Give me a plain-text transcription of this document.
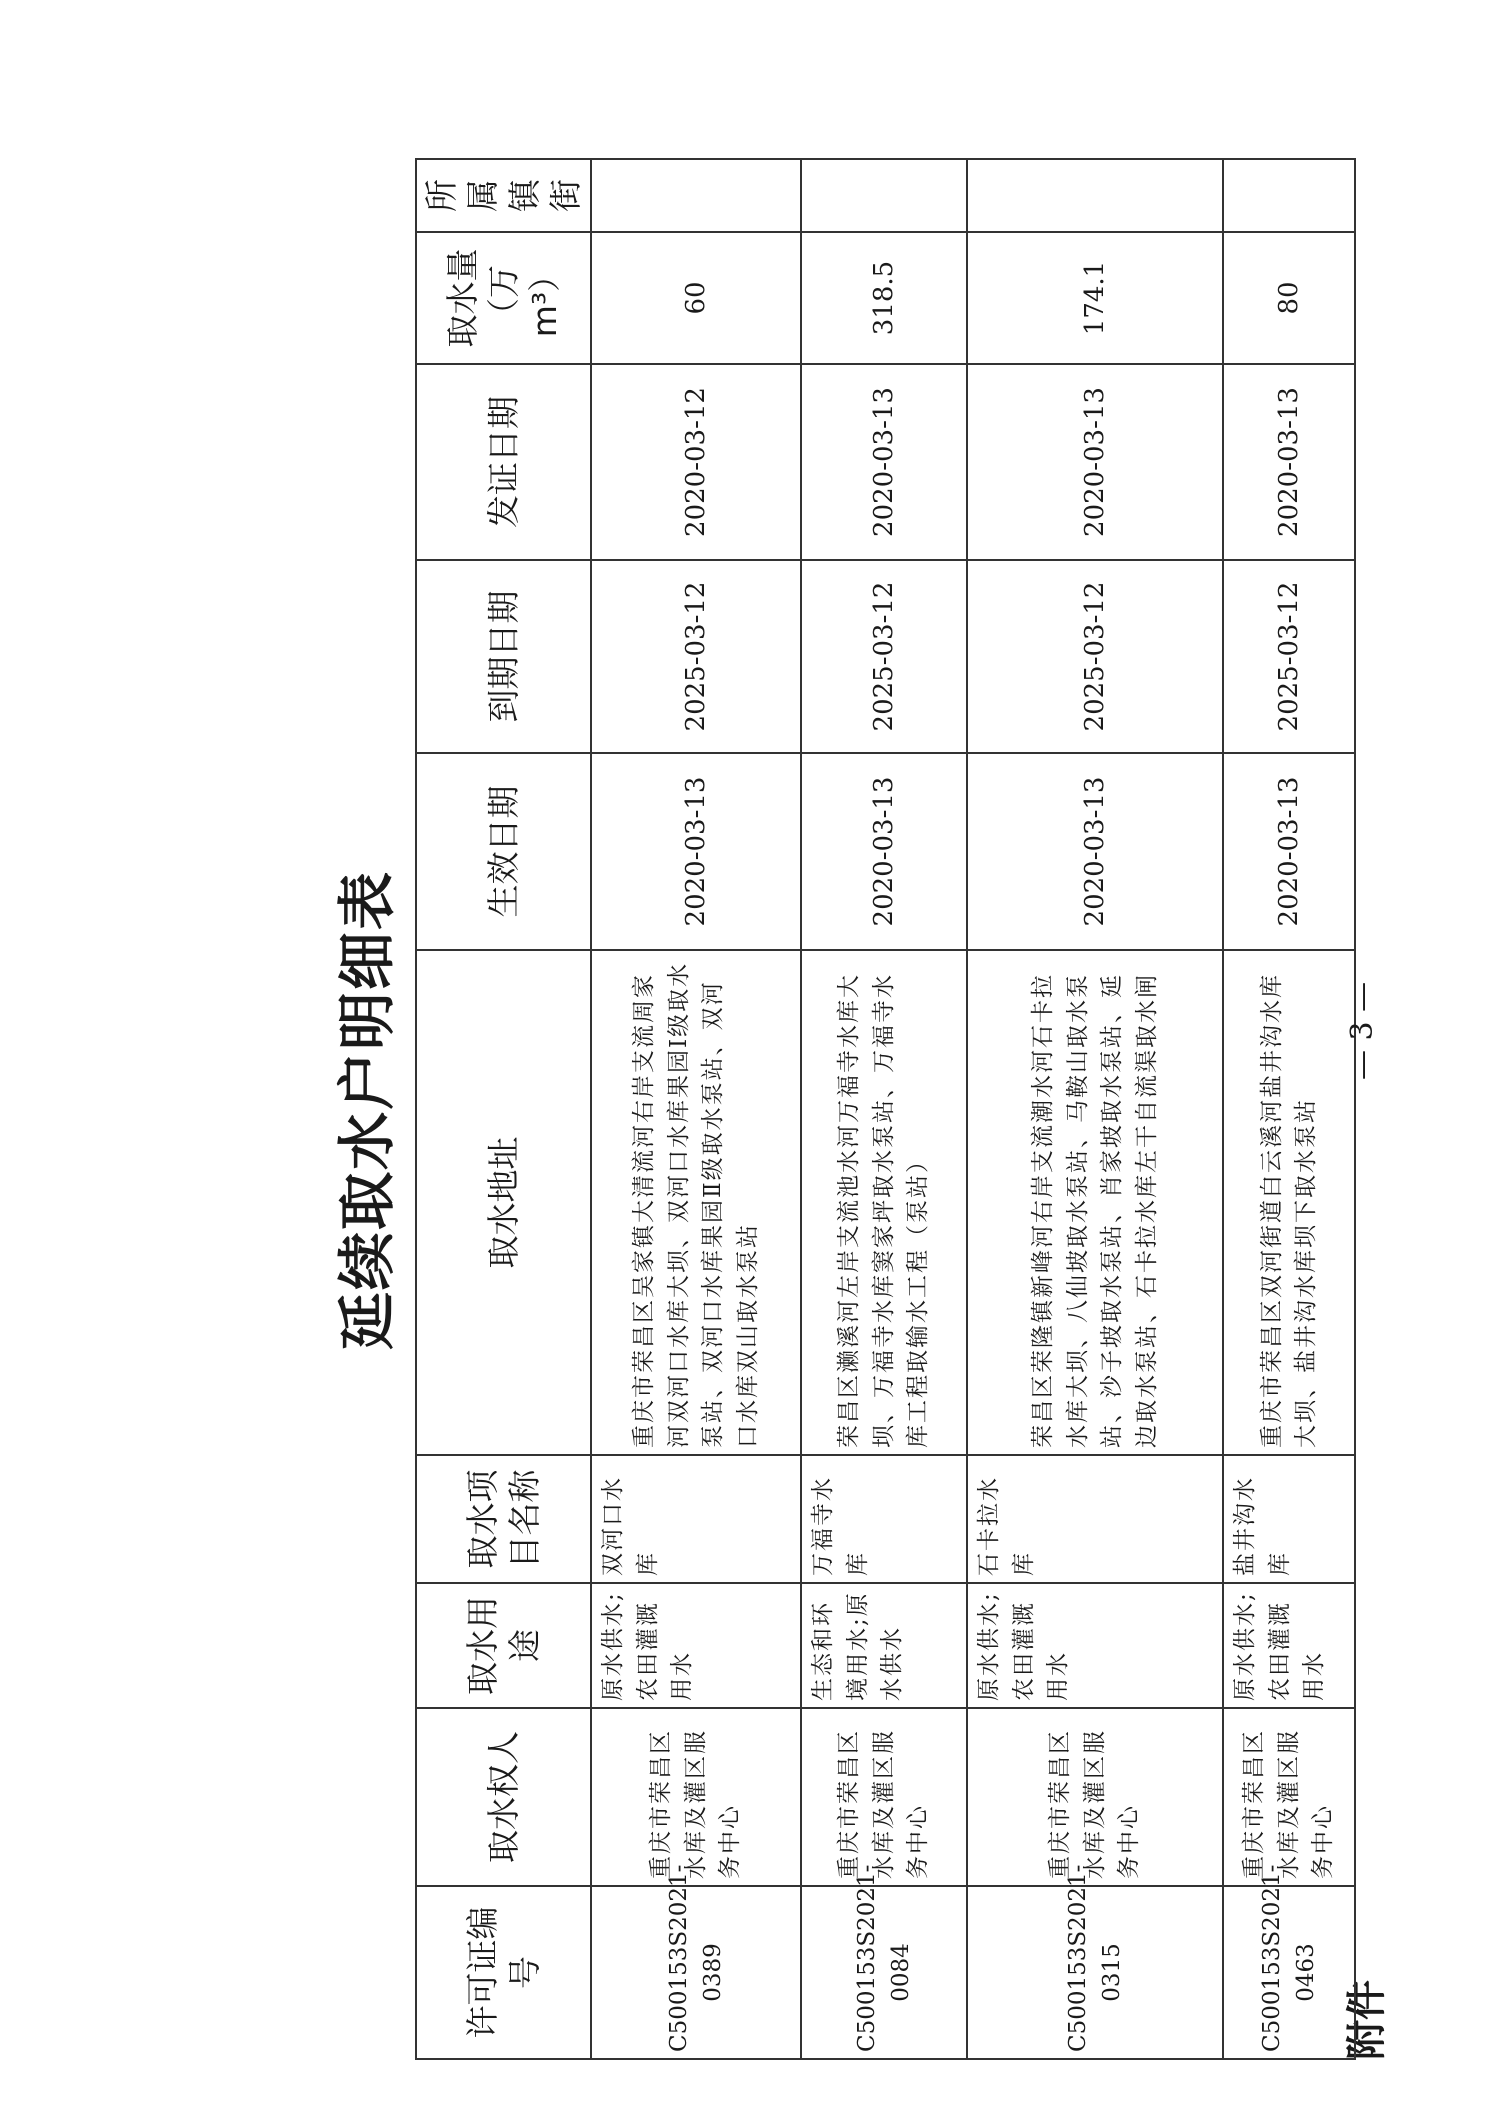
附件
延续取水户明细表
许可证编号	取水权人	取水用途	取水项目名称	取水地址	生效日期	到期日期	发证日期	取水量（万m³）	所属镇街
C500153S2021-0389	重庆市荣昌区水库及灌区服务中心	原水供水;农田灌溉用水	双河口水库	重庆市荣昌区吴家镇大清流河右岸支流周家河双河口水库大坝、双河口水库果园Ⅰ级取水泵站、双河口水库果园Ⅱ级取水泵站、双河口水库双山取水泵站	2020-03-13	2025-03-12	2020-03-12	60	
C500153S2021-0084	重庆市荣昌区水库及灌区服务中心	生态和环境用水;原水供水	万福寺水库	荣昌区濑溪河左岸支流池水河万福寺水库大坝、万福寺水库窦家坪取水泵站、万福寺水库工程取输水工程（泵站）	2020-03-13	2025-03-12	2020-03-13	318.5	
C500153S2021-0315	重庆市荣昌区水库及灌区服务中心	原水供水;农田灌溉用水	石卡拉水库	荣昌区荣隆镇新峰河右岸支流潮水河石卡拉水库大坝、八仙坡取水泵站、马鞍山取水泵站、沙子坡取水泵站、肖家坡取水泵站、延边取水泵站、石卡拉水库左干自流渠取水闸	2020-03-13	2025-03-12	2020-03-13	174.1	
C500153S2021-0463	重庆市荣昌区水库及灌区服务中心	原水供水;农田灌溉用水	盐井沟水库	重庆市荣昌区双河街道白云溪河盐井沟水库大坝、盐井沟水库坝下取水泵站	2020-03-13	2025-03-12	2020-03-13	80	
— 3 —
